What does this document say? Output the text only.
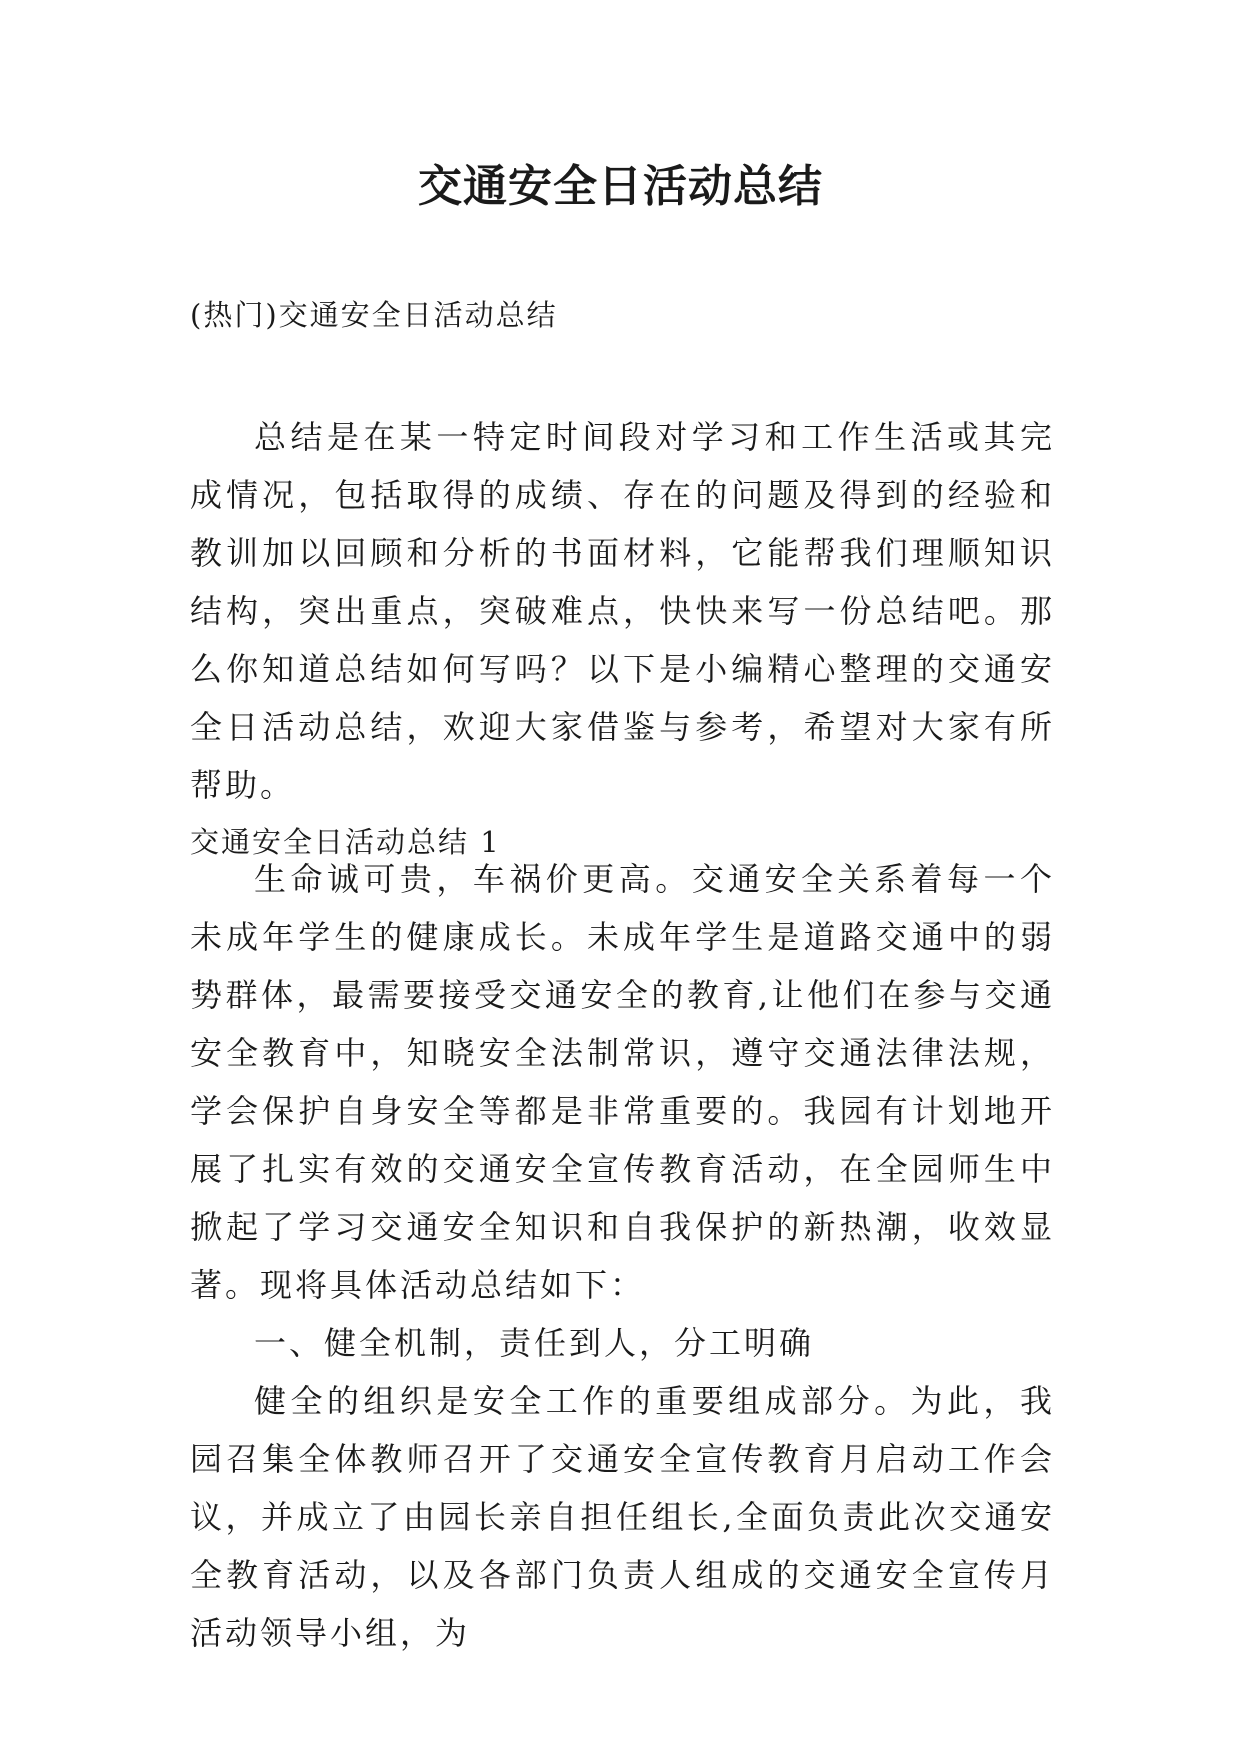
交通安全日活动总结
(热门)交通安全日活动总结

总结是在某一特定时间段对学习和工作生活或其完成情况，包括取得的成绩、存在的问题及得到的经验和教训加以回顾和分析的书面材料，它能帮我们理顺知识结构，突出重点，突破难点，快快来写一份总结吧。那么你知道总结如何写吗？以下是小编精心整理的交通安全日活动总结，欢迎大家借鉴与参考，希望对大家有所帮助。

交通安全日活动总结 1

生命诚可贵，车祸价更高。交通安全关系着每一个未成年学生的健康成长。未成年学生是道路交通中的弱势群体，最需要接受交通安全的教育,让他们在参与交通安全教育中，知晓安全法制常识，遵守交通法律法规，学会保护自身安全等都是非常重要的。我园有计划地开展了扎实有效的交通安全宣传教育活动，在全园师生中掀起了学习交通安全知识和自我保护的新热潮，收效显著。现将具体活动总结如下：

一、健全机制，责任到人，分工明确

健全的组织是安全工作的重要组成部分。为此，我园召集全体教师召开了交通安全宣传教育月启动工作会议，并成立了由园长亲自担任组长,全面负责此次交通安全教育活动，以及各部门负责人组成的交通安全宣传月活动领导小组，为
